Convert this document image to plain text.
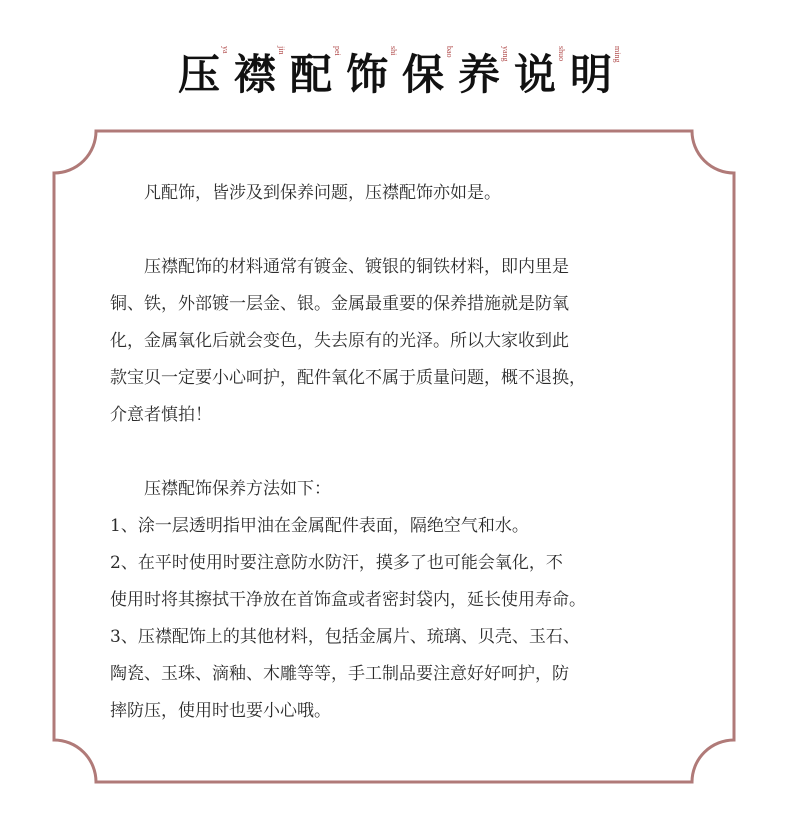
压
ya
襟 jin 配 pei 饰 shi 保 bao 养 yang 说 shuo 明 ming

凡配饰，皆涉及到保养问题，压襟配饰亦如是。

压襟配饰的材料通常有镀金、镀银的铜铁材料，即内里是

铜、铁，外部镀一层金、银。金属最重要的保养措施就是防氧

化，金属氧化后就会变色，失去原有的光泽。所以大家收到此

款宝贝一定要小心呵护，配件氧化不属于质量问题，概不退换，

介意者慎拍！

压襟配饰保养方法如下：

1、涂一层透明指甲油在金属配件表面，隔绝空气和水。

2、在平时使用时要注意防水防汗，摸多了也可能会氧化，不

使用时将其擦拭干净放在首饰盒或者密封袋内，延长使用寿命。

3、压襟配饰上的其他材料，包括金属片、琉璃、贝壳、玉石、

陶瓷、玉珠、滴釉、木雕等等，手工制品要注意好好呵护，防

摔防压，使用时也要小心哦。
